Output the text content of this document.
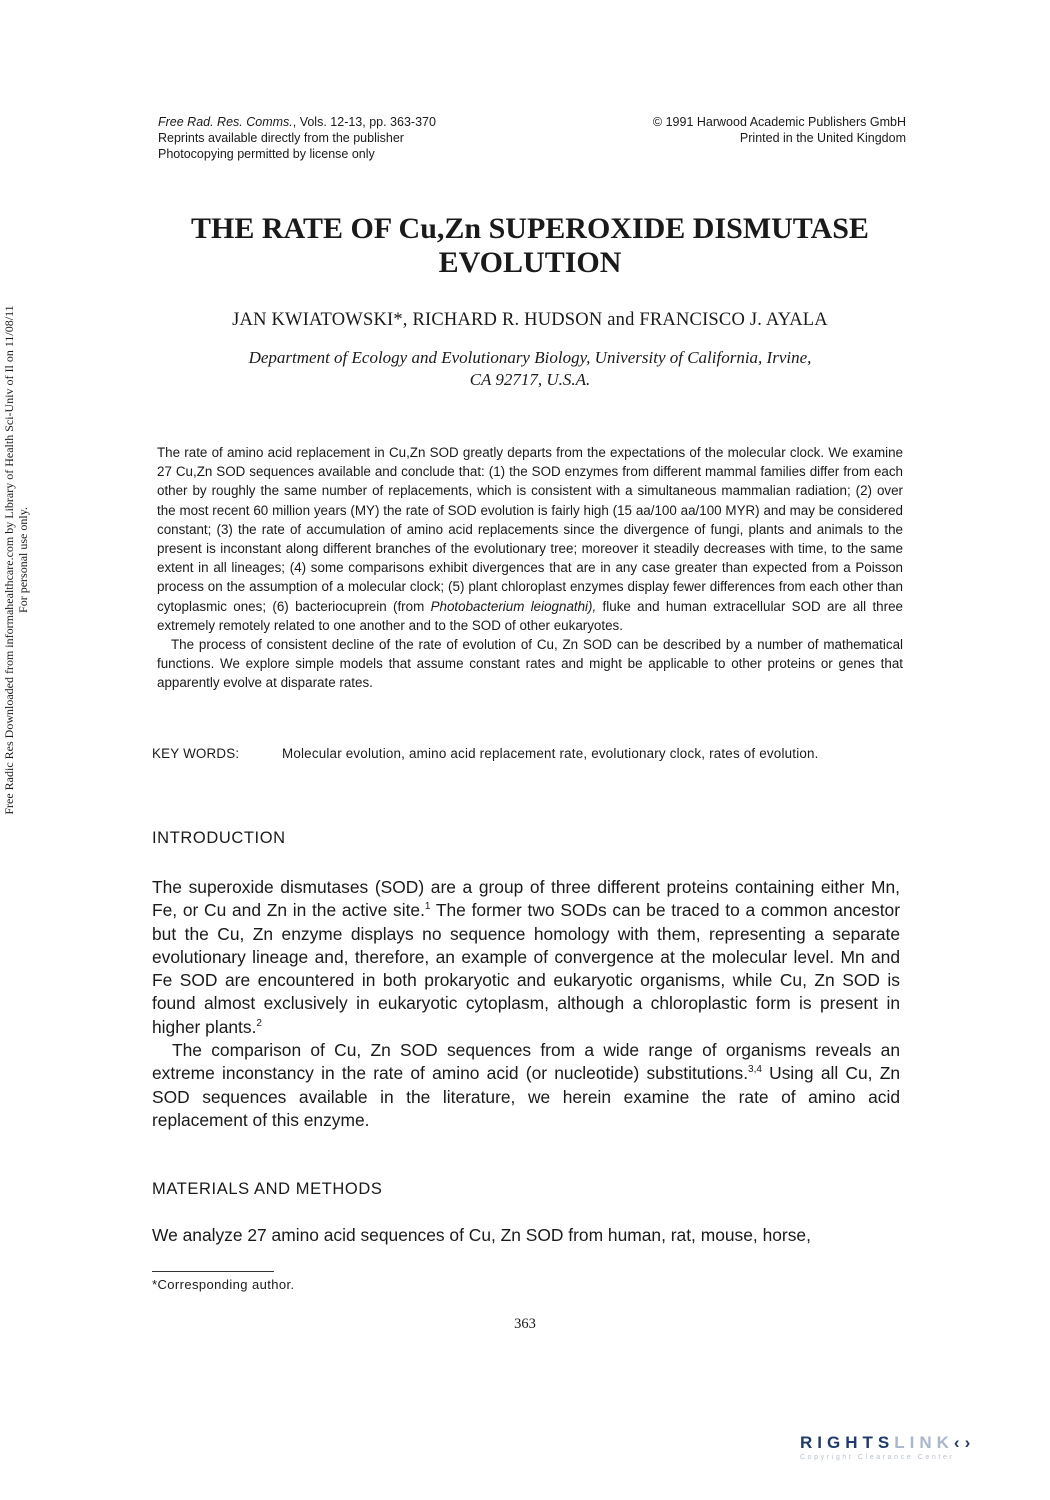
Free Rad. Res. Comms., Vols. 12-13, pp. 363-370
Reprints available directly from the publisher
Photocopying permitted by license only
© 1991 Harwood Academic Publishers GmbH
Printed in the United Kingdom
Free Radic Res Downloaded from informahealthcare.com by Library of Health Sci-Univ of Il on 11/08/11 For personal use only.
THE RATE OF Cu,Zn SUPEROXIDE DISMUTASE
EVOLUTION
JAN KWIATOWSKI*, RICHARD R. HUDSON and FRANCISCO J. AYALA
Department of Ecology and Evolutionary Biology, University of California, Irvine,
CA 92717, U.S.A.

The rate of amino acid replacement in Cu,Zn SOD greatly departs from the expectations of the molecular clock. We examine 27 Cu,Zn SOD sequences available and conclude that: (1) the SOD enzymes from different mammal families differ from each other by roughly the same number of replacements, which is consistent with a simultaneous mammalian radiation; (2) over the most recent 60 million years (MY) the rate of SOD evolution is fairly high (15 aa/100 aa/100 MYR) and may be considered constant; (3) the rate of accumulation of amino acid replacements since the divergence of fungi, plants and animals to the present is inconstant along different branches of the evolutionary tree; moreover it steadily decreases with time, to the same extent in all lineages; (4) some comparisons exhibit divergences that are in any case greater than expected from a Poisson process on the assumption of a molecular clock; (5) plant chloroplast enzymes display fewer differences from each other than cytoplasmic ones; (6) bacteriocuprein (from Photobacterium leiognathi), fluke and human extracellular SOD are all three extremely remotely related to one another and to the SOD of other eukaryotes.

The process of consistent decline of the rate of evolution of Cu, Zn SOD can be described by a number of mathematical functions. We explore simple models that assume constant rates and might be applicable to other proteins or genes that apparently evolve at disparate rates.

KEY WORDS:	Molecular evolution, amino acid replacement rate, evolutionary clock, rates of evolution.
INTRODUCTION

The superoxide dismutases (SOD) are a group of three different proteins containing either Mn, Fe, or Cu and Zn in the active site.$^1$ The former two SODs can be traced to a common ancestor but the Cu, Zn enzyme displays no sequence homology with them, representing a separate evolutionary lineage and, therefore, an example of convergence at the molecular level. Mn and Fe SOD are encountered in both prokaryotic and eukaryotic organisms, while Cu, Zn SOD is found almost exclusively in eukaryotic cytoplasm, although a chloroplastic form is present in higher plants.$^2$

The comparison of Cu, Zn SOD sequences from a wide range of organisms reveals an extreme inconstancy in the rate of amino acid (or nucleotide) substitutions.$^{3,4}$ Using all Cu, Zn SOD sequences available in the literature, we herein examine the rate of amino acid replacement of this enzyme.

MATERIALS AND METHODS

We analyze 27 amino acid sequences of Cu, Zn SOD from human, rat, mouse, horse,

*Corresponding author.
363
RIGHTSLINK‹›
Copyright Clearance Center
